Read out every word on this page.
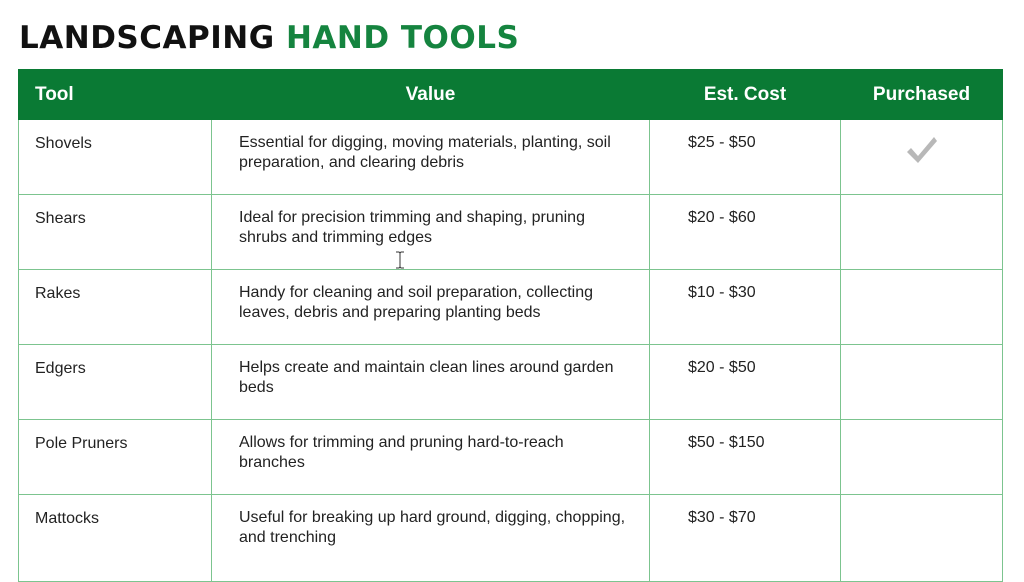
LANDSCAPING HAND TOOLS
Tool	Value	Est. Cost	Purchased
Shovels	Essential for digging, moving materials, planting, soil preparation, and clearing debris	$25 - $50	

Shears	Ideal for precision trimming and shaping, pruning shrubs and trimming edges	$20 - $60	
Rakes	Handy for cleaning and soil preparation, collecting leaves, debris and preparing planting beds	$10 - $30	
Edgers	Helps create and maintain clean lines around garden beds	$20 - $50	
Pole Pruners	Allows for trimming and pruning hard-to-reach branches	$50 - $150	
Mattocks	Useful for breaking up hard ground, digging, chopping, and trenching	$30 - $70	
